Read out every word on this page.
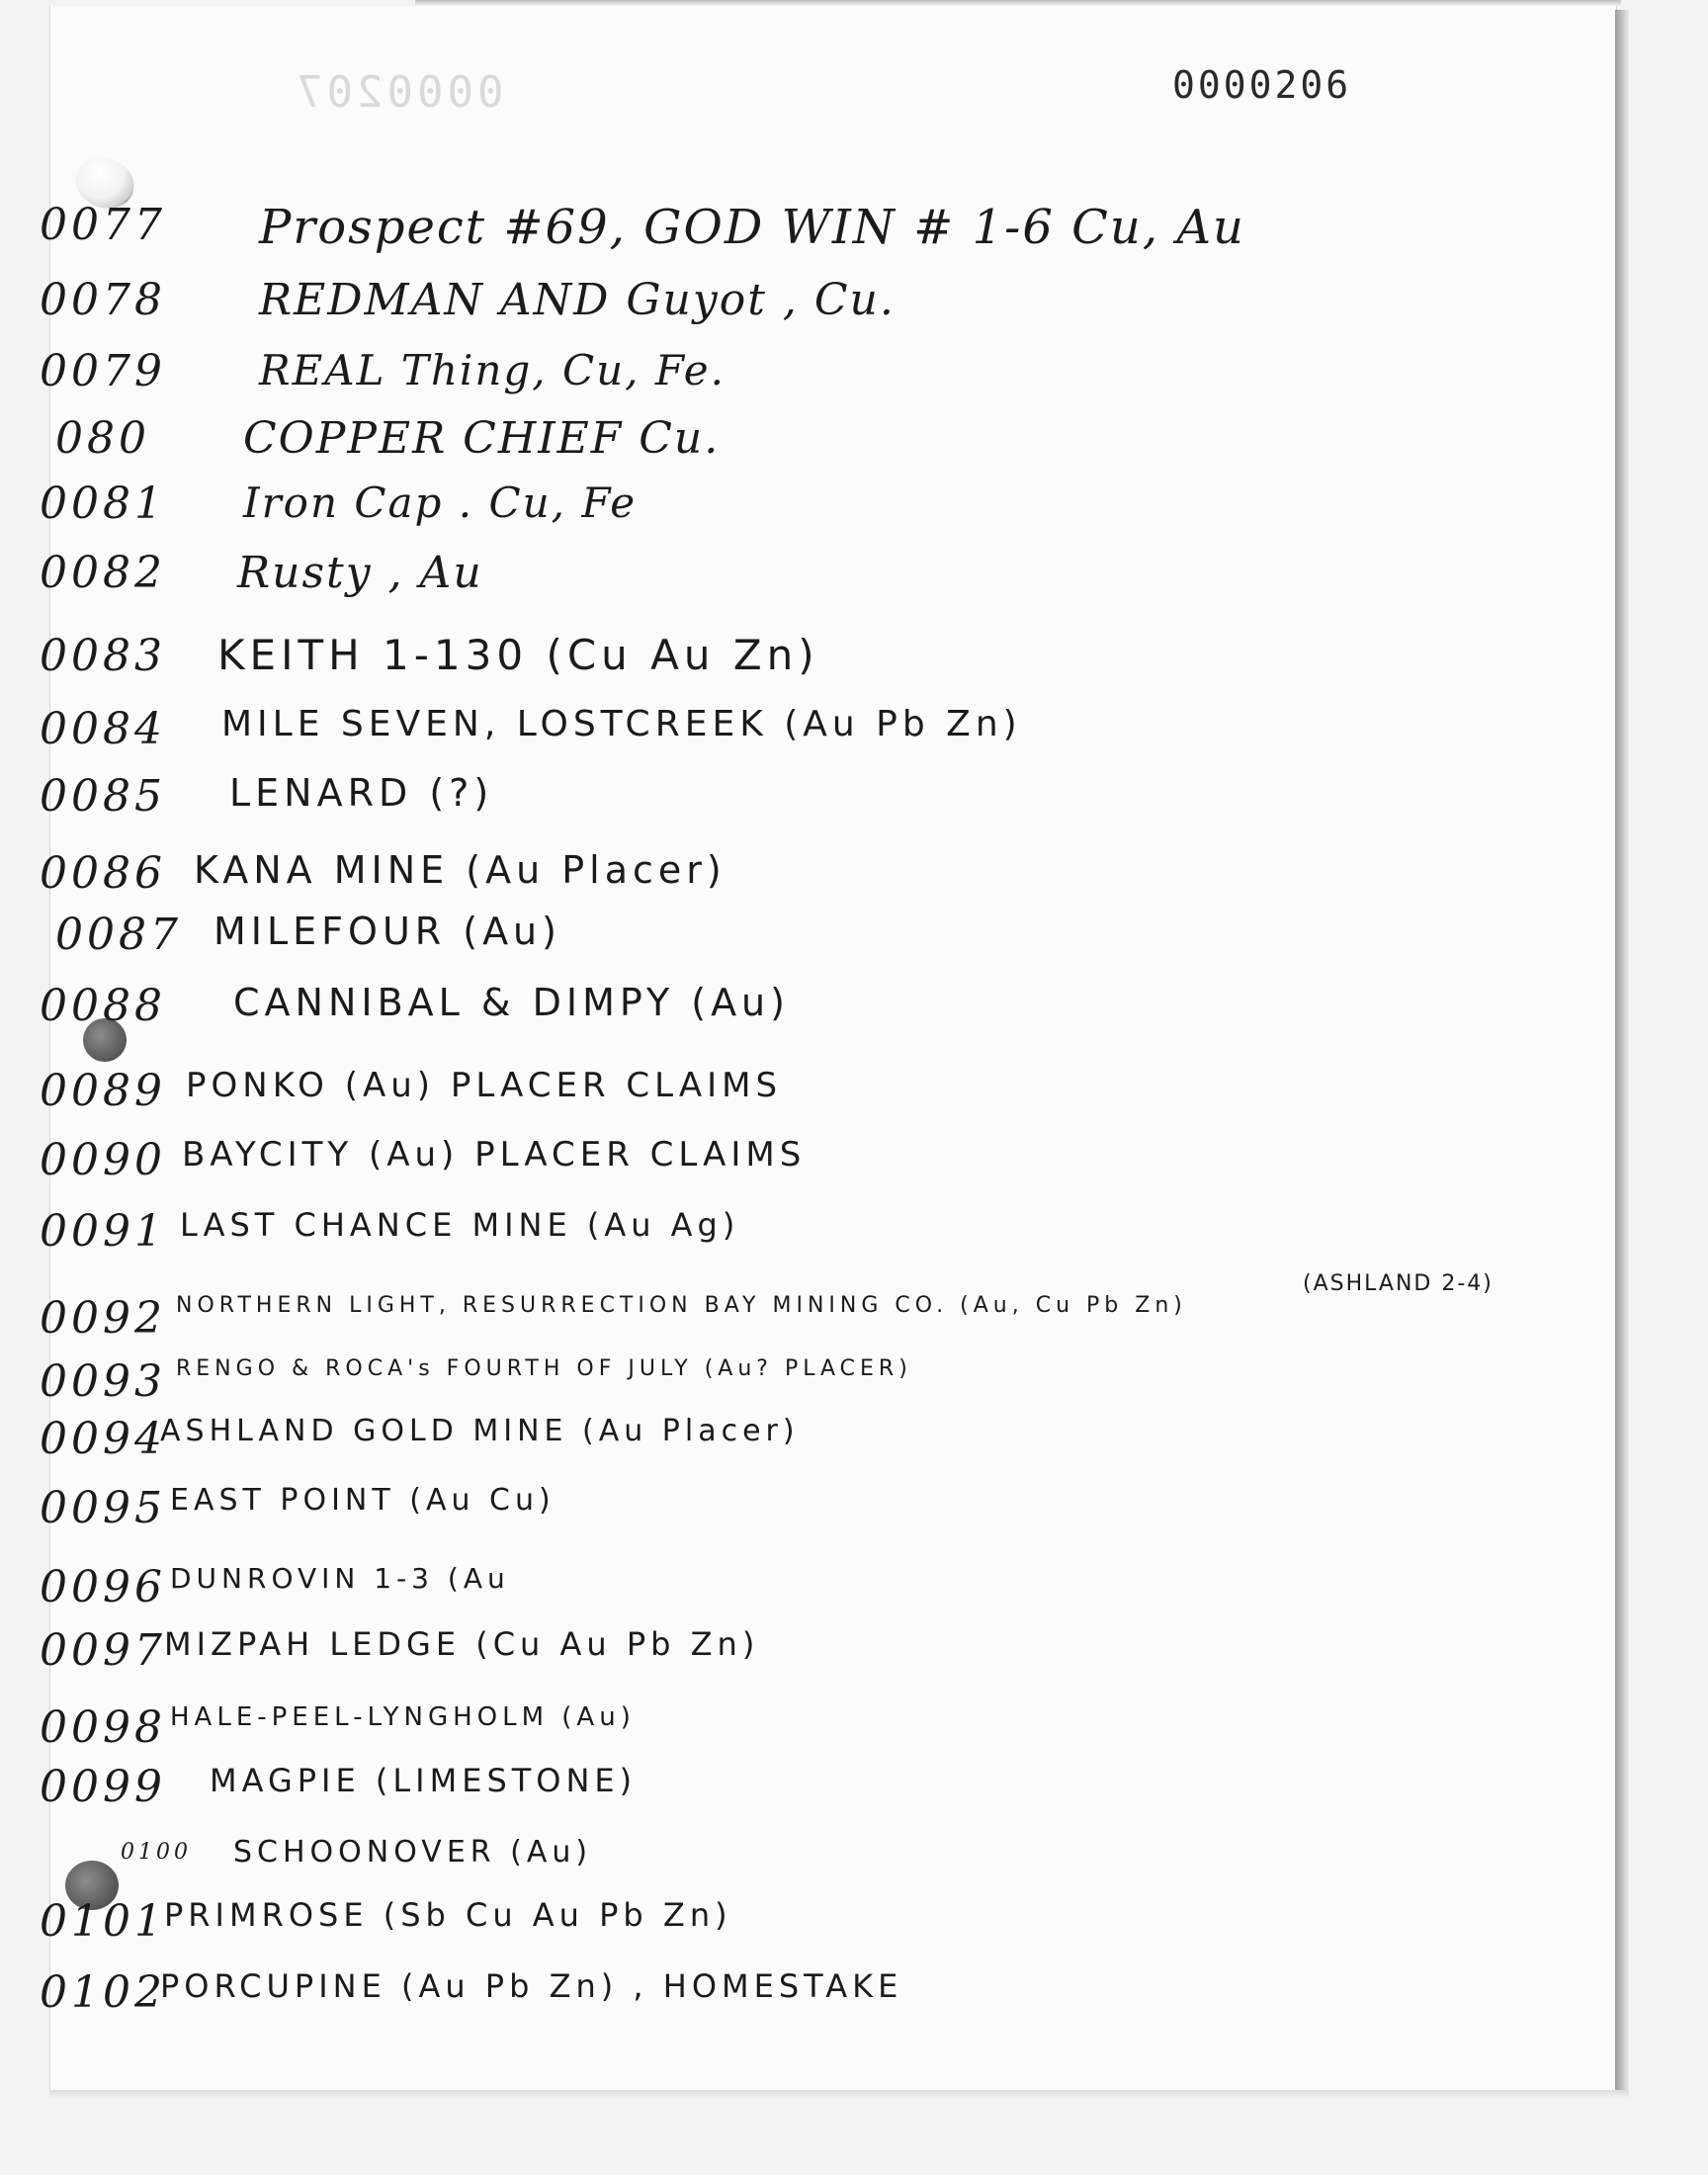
0000207	0000206
0077 Prospect #69, GOD WIN # 1-6 Cu, Au
0078 REDMAN AND Guyot , Cu.
0079 REAL Thing, Cu, Fe.
080 COPPER CHIEF Cu.
0081 Iron Cap . Cu, Fe
0082 Rusty , Au
0083 KEITH 1-130 (Cu Au Zn)
0084 MILE SEVEN, LOSTCREEK (Au Pb Zn)
0085 LENARD (?)
0086 KANA MINE (Au Placer)
0087 MILEFOUR (Au)
0088 CANNIBAL & DIMPY (Au)
0089 PONKO (Au) PLACER CLAIMS
0090 BAYCITY (Au) PLACER CLAIMS
0091 LAST CHANCE MINE (Au Ag)
0092 NORTHERN LIGHT, RESURRECTION BAY MINING CO. (Au, Cu Pb Zn)
(ASHLAND 2-4)
0093 RENGO & ROCA's FOURTH OF JULY (Au? PLACER)
0094
ASHLAND GOLD MINE (Au Placer)
0095 EAST POINT (Au Cu)
0096 DUNROVIN 1-3 (Au
0097
MIZPAH LEDGE (Cu Au Pb Zn)
0098 HALE-PEEL-LYNGHOLM (Au)
0099 MAGPIE (LIMESTONE)
0100 SCHOONOVER (Au)
0101
PRIMROSE (Sb Cu Au Pb Zn)
0102
PORCUPINE (Au Pb Zn) , HOMESTAKE
